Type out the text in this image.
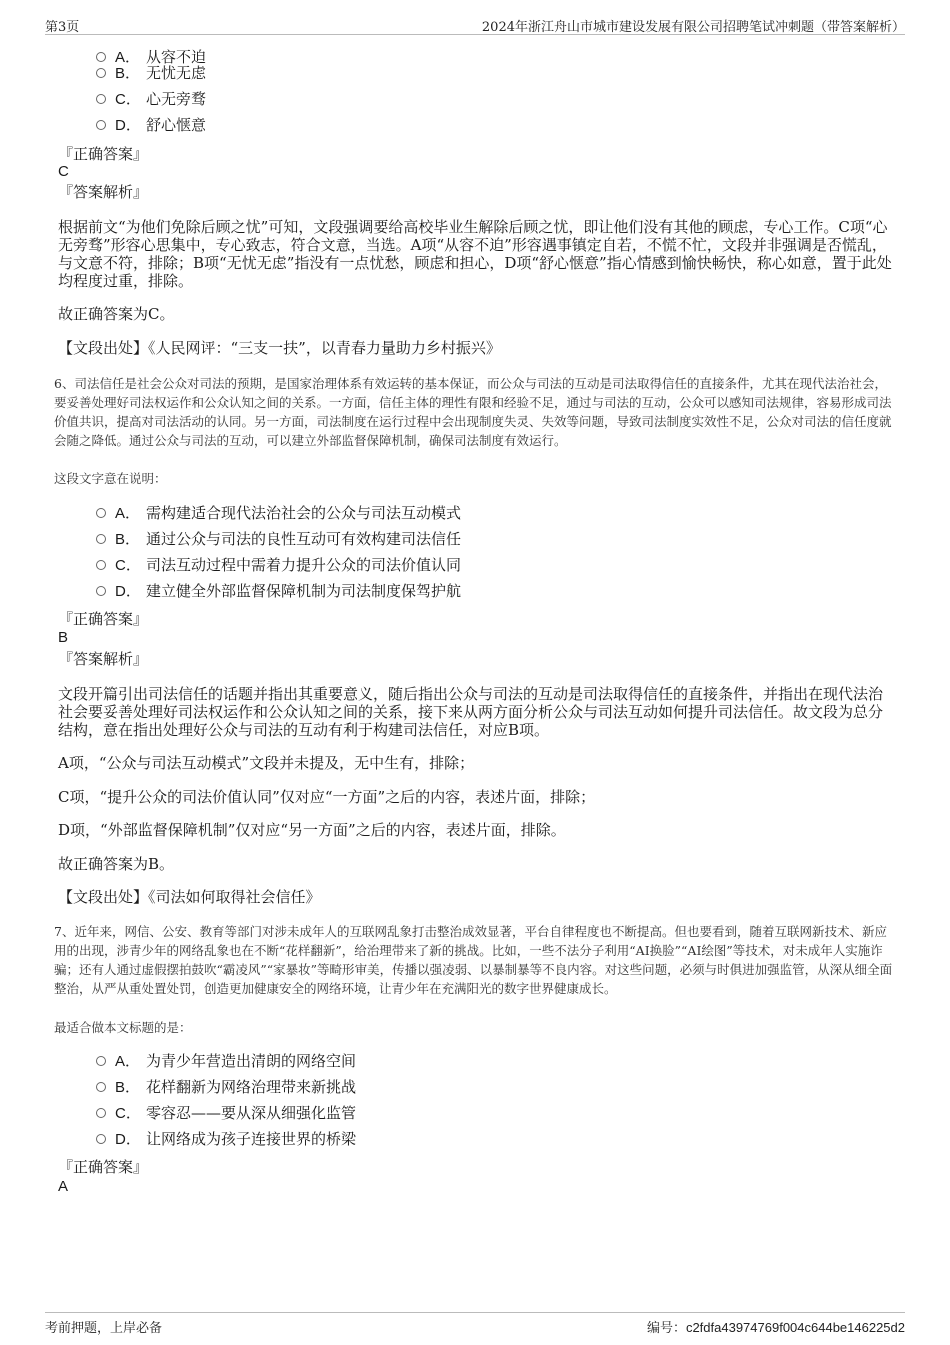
第3页	2024年浙江舟山市城市建设发展有限公司招聘笔试冲刺题（带答案解析）
A． 从容不迫
B． 无忧无虑
C． 心无旁骛
D． 舒心惬意
『正确答案』
C
『答案解析』
根据前文“为他们免除后顾之忧”可知，文段强调要给高校毕业生解除后顾之忧，即让他们没有其他的顾虑，专心工作。C项“心无旁骛”形容心思集中，专心致志，符合文意，当选。A项“从容不迫”形容遇事镇定自若，不慌不忙，文段并非强调是否慌乱，与文意不符，排除；B项“无忧无虑”指没有一点忧愁，顾虑和担心，D项“舒心惬意”指心情感到愉快畅快，称心如意，置于此处均程度过重，排除。
故正确答案为C。
【文段出处】《人民网评：“三支一扶”，以青春力量助力乡村振兴》
6、司法信任是社会公众对司法的预期，是国家治理体系有效运转的基本保证，而公众与司法的互动是司法取得信任的直接条件，尤其在现代法治社会，要妥善处理好司法权运作和公众认知之间的关系。一方面，信任主体的理性有限和经验不足，通过与司法的互动，公众可以感知司法规律，容易形成司法价值共识，提高对司法活动的认同。另一方面，司法制度在运行过程中会出现制度失灵、失效等问题，导致司法制度实效性不足，公众对司法的信任度就会随之降低。通过公众与司法的互动，可以建立外部监督保障机制，确保司法制度有效运行。
这段文字意在说明：
A． 需构建适合现代法治社会的公众与司法互动模式
B． 通过公众与司法的良性互动可有效构建司法信任
C． 司法互动过程中需着力提升公众的司法价值认同
D． 建立健全外部监督保障机制为司法制度保驾护航
『正确答案』
B
『答案解析』
文段开篇引出司法信任的话题并指出其重要意义，随后指出公众与司法的互动是司法取得信任的直接条件，并指出在现代法治社会要妥善处理好司法权运作和公众认知之间的关系，接下来从两方面分析公众与司法互动如何提升司法信任。故文段为总分结构，意在指出处理好公众与司法的互动有利于构建司法信任，对应B项。
A项，“公众与司法互动模式”文段并未提及，无中生有，排除；
C项，“提升公众的司法价值认同”仅对应“一方面”之后的内容，表述片面，排除；
D项，“外部监督保障机制”仅对应“另一方面”之后的内容，表述片面，排除。
故正确答案为B。
【文段出处】《司法如何取得社会信任》
7、近年来，网信、公安、教育等部门对涉未成年人的互联网乱象打击整治成效显著，平台自律程度也不断提高。但也要看到，随着互联网新技术、新应用的出现，涉青少年的网络乱象也在不断“花样翻新”，给治理带来了新的挑战。比如，一些不法分子利用“AI换脸”“AI绘图”等技术，对未成年人实施诈骗；还有人通过虚假摆拍鼓吹“霸凌风”“家暴妆”等畸形审美，传播以强凌弱、以暴制暴等不良内容。对这些问题，必须与时俱进加强监管，从深从细全面整治，从严从重处置处罚，创造更加健康安全的网络环境，让青少年在充满阳光的数字世界健康成长。
最适合做本文标题的是：
A． 为青少年营造出清朗的网络空间
B． 花样翻新为网络治理带来新挑战
C． 零容忍——要从深从细强化监管
D． 让网络成为孩子连接世界的桥梁
『正确答案』
A
考前押题，上岸必备	编号：c2fdfa43974769f004c644be146225d2
